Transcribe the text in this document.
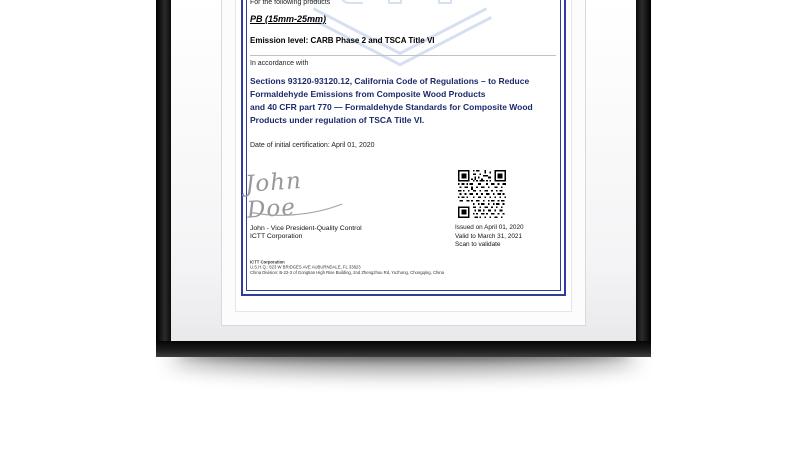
For the following products
PB (15mm-25mm)
Emission level: CARB Phase 2 and TSCA Title VI
In accordance with
Sections 93120-93120.12, California Code of Regulations – to Reduce
Formaldehyde Emissions from Composite Wood Products
and 40 CFR part 770 — Formaldehyde Standards for Composite Wood
Products under regulation of TSCA Title VI.
Date of initial certification: April 01, 2020
John Doe
John - Vice President-Quality Control
ICTT Corporation
Issued on April 01, 2020
Valid to March 31, 2021
Scan to validate
ICTT Corporation
U.S.H.Q.: 823 W BRIDGES AVE AUBURNDALE, FL 33823
China Division: B-22-3 of Gongtian High Rise Building, 2nd Zhengzhou Rd, Yuzhong, Chongqing, China
